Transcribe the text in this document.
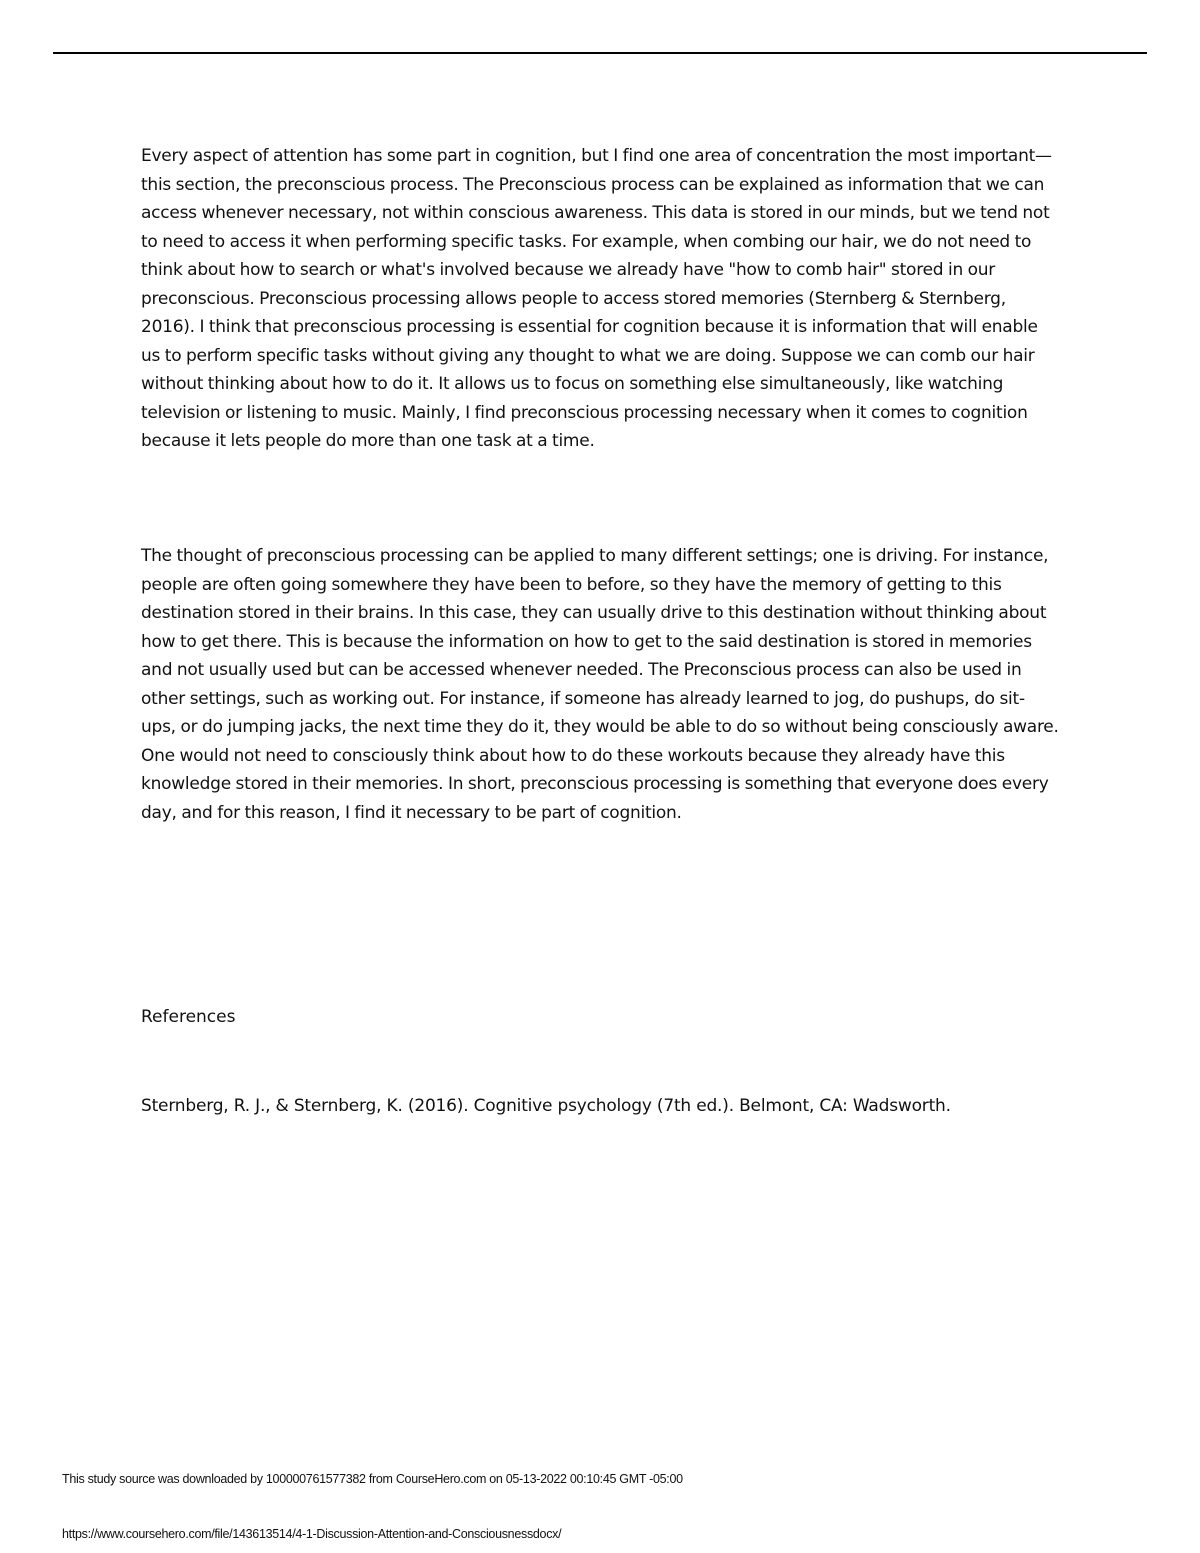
Every aspect of attention has some part in cognition, but I find one area of concentration the most important—this section, the preconscious process. The Preconscious process can be explained as information that we can access whenever necessary, not within conscious awareness. This data is stored in our minds, but we tend not to need to access it when performing specific tasks. For example, when combing our hair, we do not need to think about how to search or what's involved because we already have "how to comb hair" stored in our preconscious. Preconscious processing allows people to access stored memories (Sternberg & Sternberg, 2016). I think that preconscious processing is essential for cognition because it is information that will enable us to perform specific tasks without giving any thought to what we are doing. Suppose we can comb our hair without thinking about how to do it. It allows us to focus on something else simultaneously, like watching television or listening to music. Mainly, I find preconscious processing necessary when it comes to cognition because it lets people do more than one task at a time.

The thought of preconscious processing can be applied to many different settings; one is driving. For instance, people are often going somewhere they have been to before, so they have the memory of getting to this destination stored in their brains. In this case, they can usually drive to this destination without thinking about how to get there. This is because the information on how to get to the said destination is stored in memories and not usually used but can be accessed whenever needed. The Preconscious process can also be used in other settings, such as working out. For instance, if someone has already learned to jog, do pushups, do sit-ups, or do jumping jacks, the next time they do it, they would be able to do so without being consciously aware. One would not need to consciously think about how to do these workouts because they already have this knowledge stored in their memories. In short, preconscious processing is something that everyone does every day, and for this reason, I find it necessary to be part of cognition.

References

Sternberg, R. J., & Sternberg, K. (2016). Cognitive psychology (7th ed.). Belmont, CA: Wadsworth.

This study source was downloaded by 100000761577382 from CourseHero.com on 05-13-2022 00:10:45 GMT -05:00
https://www.coursehero.com/file/143613514/4-1-Discussion-Attention-and-Consciousnessdocx/
